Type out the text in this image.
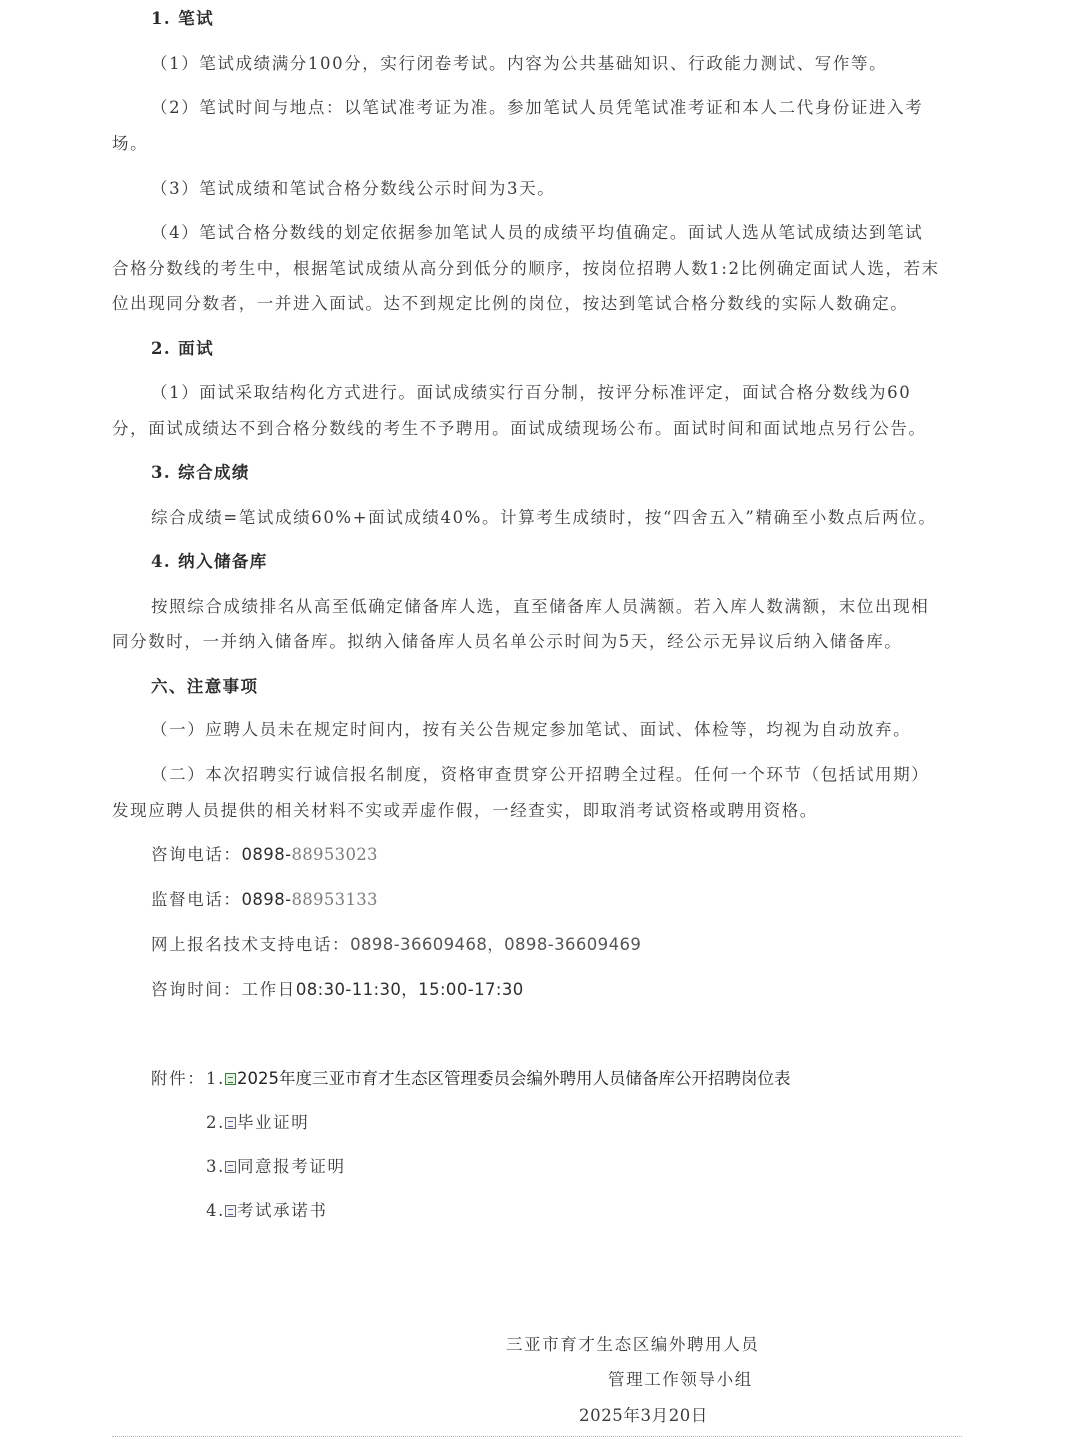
1. 笔试

（1）笔试成绩满分100分，实行闭卷考试。内容为公共基础知识、行政能力测试、写作等。

（2）笔试时间与地点：以笔试准考证为准。参加笔试人员凭笔试准考证和本人二代身份证进入考

场。

（3）笔试成绩和笔试合格分数线公示时间为3天。

（4）笔试合格分数线的划定依据参加笔试人员的成绩平均值确定。面试人选从笔试成绩达到笔试

合格分数线的考生中，根据笔试成绩从高分到低分的顺序，按岗位招聘人数1:2比例确定面试人选，若末

位出现同分数者，一并进入面试。达不到规定比例的岗位，按达到笔试合格分数线的实际人数确定。

2. 面试

（1）面试采取结构化方式进行。面试成绩实行百分制，按评分标准评定，面试合格分数线为60

分，面试成绩达不到合格分数线的考生不予聘用。面试成绩现场公布。面试时间和面试地点另行公告。

3. 综合成绩

综合成绩=笔试成绩60%+面试成绩40%。计算考生成绩时，按“四舍五入”精确至小数点后两位。

4. 纳入储备库

按照综合成绩排名从高至低确定储备库人选，直至储备库人员满额。若入库人数满额，末位出现相

同分数时，一并纳入储备库。拟纳入储备库人员名单公示时间为5天，经公示无异议后纳入储备库。

六、注意事项

（一）应聘人员未在规定时间内，按有关公告规定参加笔试、面试、体检等，均视为自动放弃。

（二）本次招聘实行诚信报名制度，资格审查贯穿公开招聘全过程。任何一个环节（包括试用期）

发现应聘人员提供的相关材料不实或弄虚作假，一经查实，即取消考试资格或聘用资格。

咨询电话：0898-88953023

监督电话：0898-88953133

网上报名技术支持电话：0898-36609468，0898-36609469

咨询时间：工作日08:30-11:30，15:00-17:30

附件： 1. 2025年度三亚市育才生态区管理委员会编外聘用人员储备库公开招聘岗位表

2. 毕业证明

3. 同意报考证明

4. 考试承诺书

三亚市育才生态区编外聘用人员

管理工作领导小组

2025年3月20日
